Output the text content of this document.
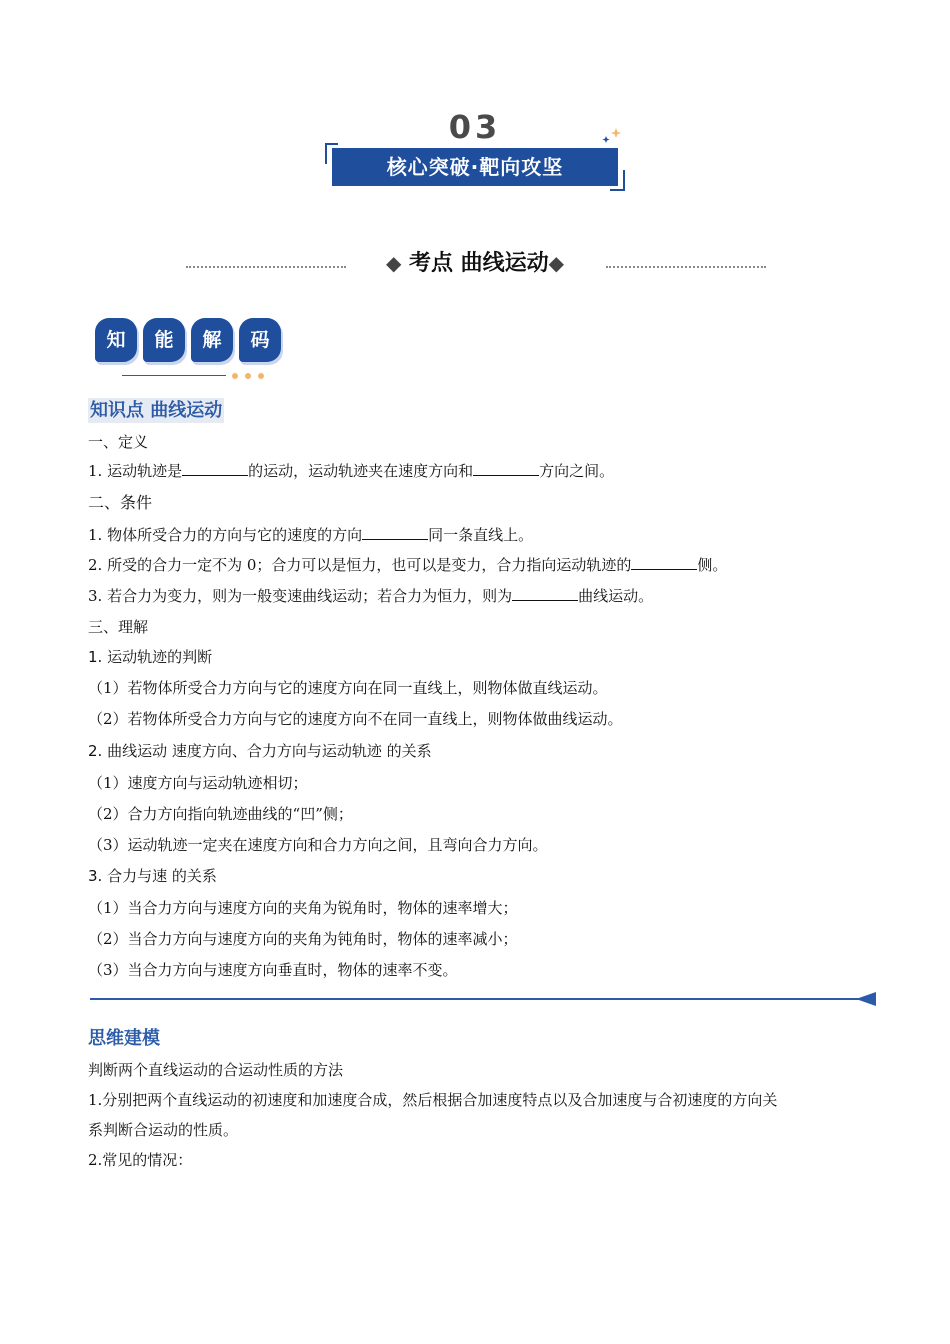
03
核心突破·靶向攻坚
◆ 考点 曲线运动◆
知	能	解	码
知识点 曲线运动
一、定义
1. 运动轨迹是	的运动，运动轨迹夹在速度方向和	方向之间。
二、条件
1. 物体所受合力的方向与它的速度的方向	同一条直线上。
2. 所受的合力一定不为 0；合力可以是恒力，也可以是变力，合力指向运动轨迹的	侧。
3. 若合力为变力，则为一般变速曲线运动；若合力为恒力，则为	曲线运动。
三、理解
1. 运动轨迹的判断
（1）若物体所受合力方向与它的速度方向在同一直线上，则物体做直线运动。
（2）若物体所受合力方向与它的速度方向不在同一直线上，则物体做曲线运动。
2. 曲线运动 速度方向、合力方向与运动轨迹 的关系
（1）速度方向与运动轨迹相切；
（2）合力方向指向轨迹曲线的“凹”侧；
（3）运动轨迹一定夹在速度方向和合力方向之间，且弯向合力方向。
3. 合力与速 的关系
（1）当合力方向与速度方向的夹角为锐角时，物体的速率增大；
（2）当合力方向与速度方向的夹角为钝角时，物体的速率减小；
（3）当合力方向与速度方向垂直时，物体的速率不变。
思维建模
判断两个直线运动的合运动性质的方法
1.分别把两个直线运动的初速度和加速度合成，然后根据合加速度特点以及合加速度与合初速度的方向关
系判断合运动的性质。
2.常见的情况：
